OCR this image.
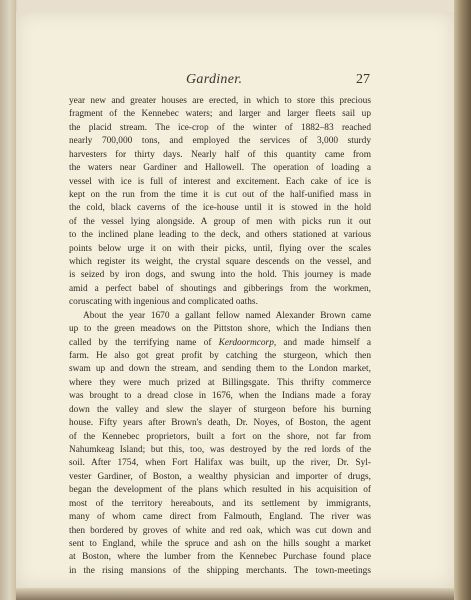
Gardiner.	27
year new and greater houses are erected, in which to store this precious
fragment of the Kennebec waters; and larger and larger fleets sail up
the placid stream. The ice-crop of the winter of 1882–83 reached
nearly 700,000 tons, and employed the services of 3,000 sturdy
harvesters for thirty days. Nearly half of this quantity came from
the waters near Gardiner and Hallowell. The operation of loading a
vessel with ice is full of interest and excitement. Each cake of ice is
kept on the run from the time it is cut out of the half-unified mass in
the cold, black caverns of the ice-house until it is stowed in the hold
of the vessel lying alongside. A group of men with picks run it out
to the inclined plane leading to the deck, and others stationed at various
points below urge it on with their picks, until, flying over the scales
which register its weight, the crystal square descends on the vessel, and
is seized by iron dogs, and swung into the hold. This journey is made
amid a perfect babel of shoutings and gibberings from the workmen,
coruscating with ingenious and complicated oaths.
About the year 1670 a gallant fellow named Alexander Brown came
up to the green meadows on the Pittston shore, which the Indians then
called by the terrifying name of Kerdoormcorp, and made himself a
farm. He also got great profit by catching the sturgeon, which then
swam up and down the stream, and sending them to the London market,
where they were much prized at Billingsgate. This thrifty commerce
was brought to a dread close in 1676, when the Indians made a foray
down the valley and slew the slayer of sturgeon before his burning
house. Fifty years after Brown's death, Dr. Noyes, of Boston, the agent
of the Kennebec proprietors, built a fort on the shore, not far from
Nahumkeag Island; but this, too, was destroyed by the red lords of the
soil. After 1754, when Fort Halifax was built, up the river, Dr. Syl-
vester Gardiner, of Boston, a wealthy physician and importer of drugs,
began the development of the plans which resulted in his acquisition of
most of the territory hereabouts, and its settlement by immigrants,
many of whom came direct from Falmouth, England. The river was
then bordered by groves of white and red oak, which was cut down and
sent to England, while the spruce and ash on the hills sought a market
at Boston, where the lumber from the Kennebec Purchase found place
in the rising mansions of the shipping merchants. The town-meetings
